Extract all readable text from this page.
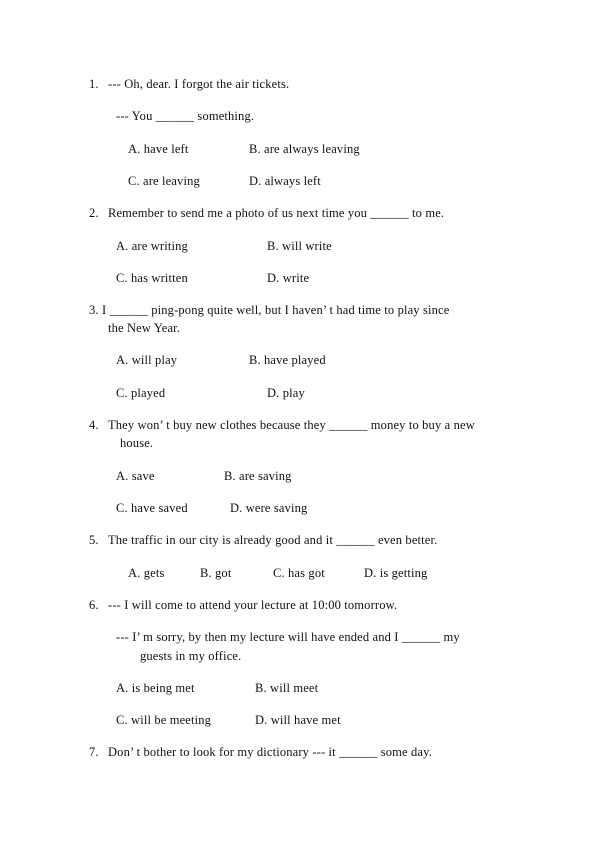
1. --- Oh, dear. I forgot the air tickets.
--- You ______ something.
A. have left	B. are always leaving
C. are leaving	D. always left
2. Remember to send me a photo of us next time you ______ to me.
A. are writing	B. will write
C. has written	D. write
3. I ______ ping-pong quite well, but I haven’ t had time to play since
the New Year.
A. will play	B. have played
C. played	D. play
4. They won’ t buy new clothes because they ______ money to buy a new
house.
A. save	B. are saving
C. have saved	D. were saving
5. The traffic in our city is already good and it ______ even better.
A. gets	B. got	C. has got	D. is getting
6. --- I will come to attend your lecture at 10:00 tomorrow.
--- I’ m sorry, by then my lecture will have ended and I ______ my
guests in my office.
A. is being met	B. will meet
C. will be meeting	D. will have met
7. Don’ t bother to look for my dictionary --- it ______ some day.
